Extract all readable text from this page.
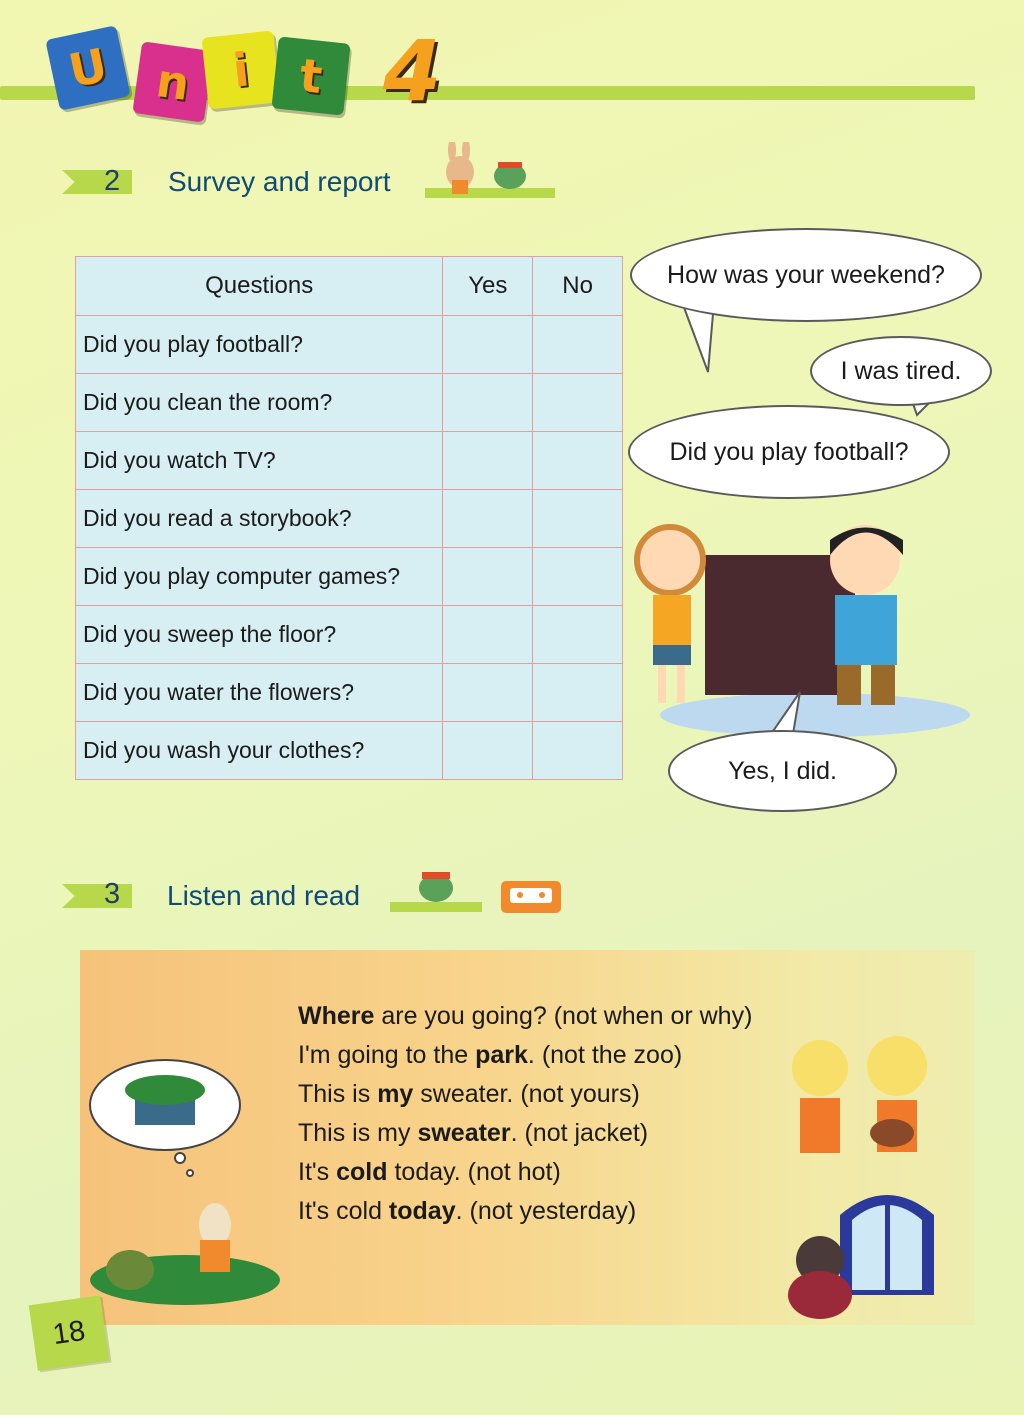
U n i t 4
2 Survey and report
Questions	Yes	No
Did you play football?		
Did you clean the room?		
Did you watch TV?		
Did you read a storybook?		
Did you play computer games?		
Did you sweep the floor?		
Did you water the flowers?		
Did you wash your clothes?		
How was your weekend?
I was tired.
Did you play football?
Yes, I did.
3 Listen and read
Where are you going? (not when or why)
I'm going to the park. (not the zoo)
This is my sweater. (not yours)
This is my sweater. (not jacket)
It's cold today. (not hot)
It's cold today. (not yesterday)
18
